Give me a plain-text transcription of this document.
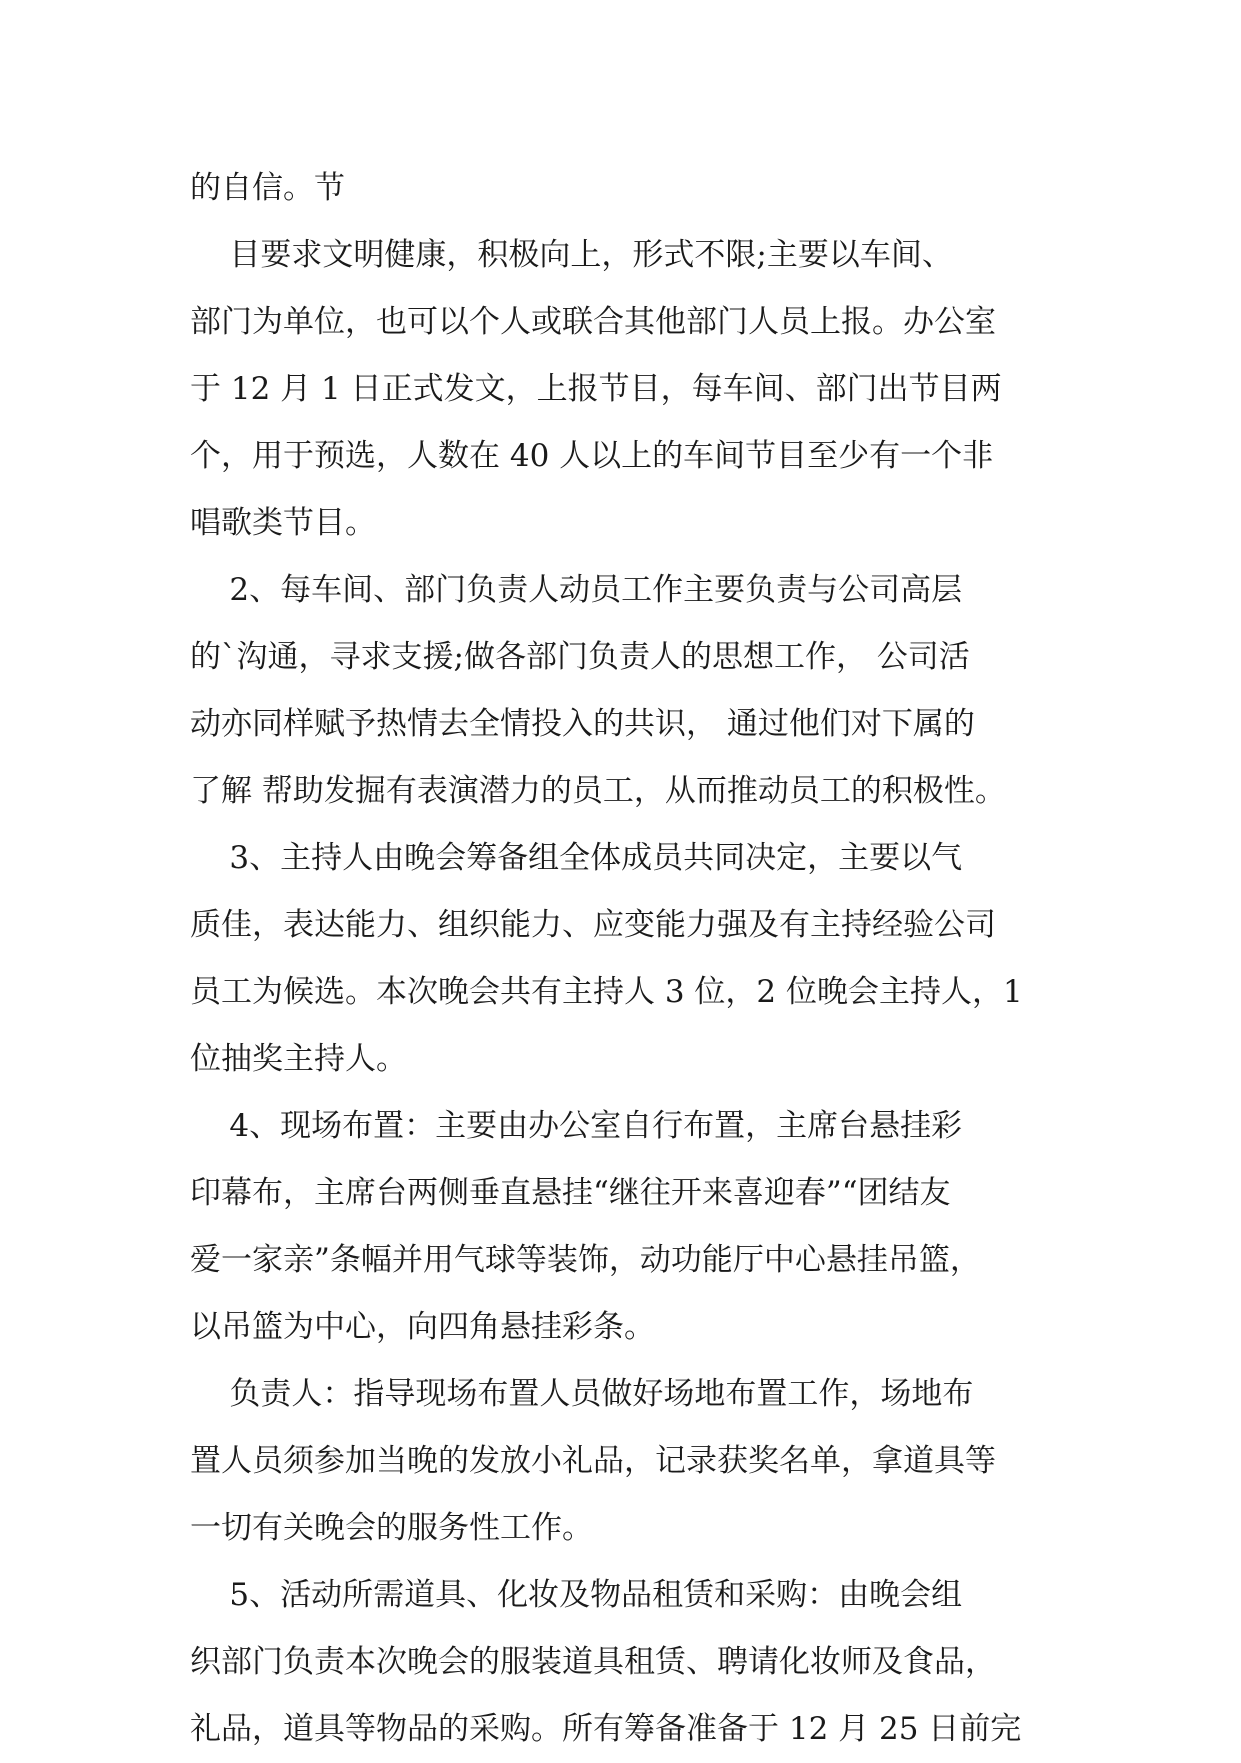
的自信。节
目要求文明健康，积极向上，形式不限;主要以车间、
部门为单位，也可以个人或联合其他部门人员上报。办公室
于 12 月 1 日正式发文，上报节目，每车间、部门出节目两
个，用于预选，人数在 40 人以上的车间节目至少有一个非
唱歌类节目。
2、每车间、部门负责人动员工作主要负责与公司高层
的`沟通，寻求支援;做各部门负责人的思想工作， 公司活
动亦同样赋予热情去全情投入的共识， 通过他们对下属的
了解 帮助发掘有表演潜力的员工，从而推动员工的积极性。
3、主持人由晚会筹备组全体成员共同决定，主要以气
质佳，表达能力、组织能力、应变能力强及有主持经验公司
员工为候选。本次晚会共有主持人 3 位，2 位晚会主持人，1
位抽奖主持人。
4、现场布置：主要由办公室自行布置，主席台悬挂彩
印幕布，主席台两侧垂直悬挂“继往开来喜迎春”“团结友
爱一家亲”条幅并用气球等装饰，动功能厅中心悬挂吊篮，
以吊篮为中心，向四角悬挂彩条。
负责人：指导现场布置人员做好场地布置工作，场地布
置人员须参加当晚的发放小礼品，记录获奖名单，拿道具等
一切有关晚会的服务性工作。
5、活动所需道具、化妆及物品租赁和采购：由晚会组
织部门负责本次晚会的服装道具租赁、聘请化妆师及食品，
礼品，道具等物品的采购。所有筹备准备于 12 月 25 日前完
